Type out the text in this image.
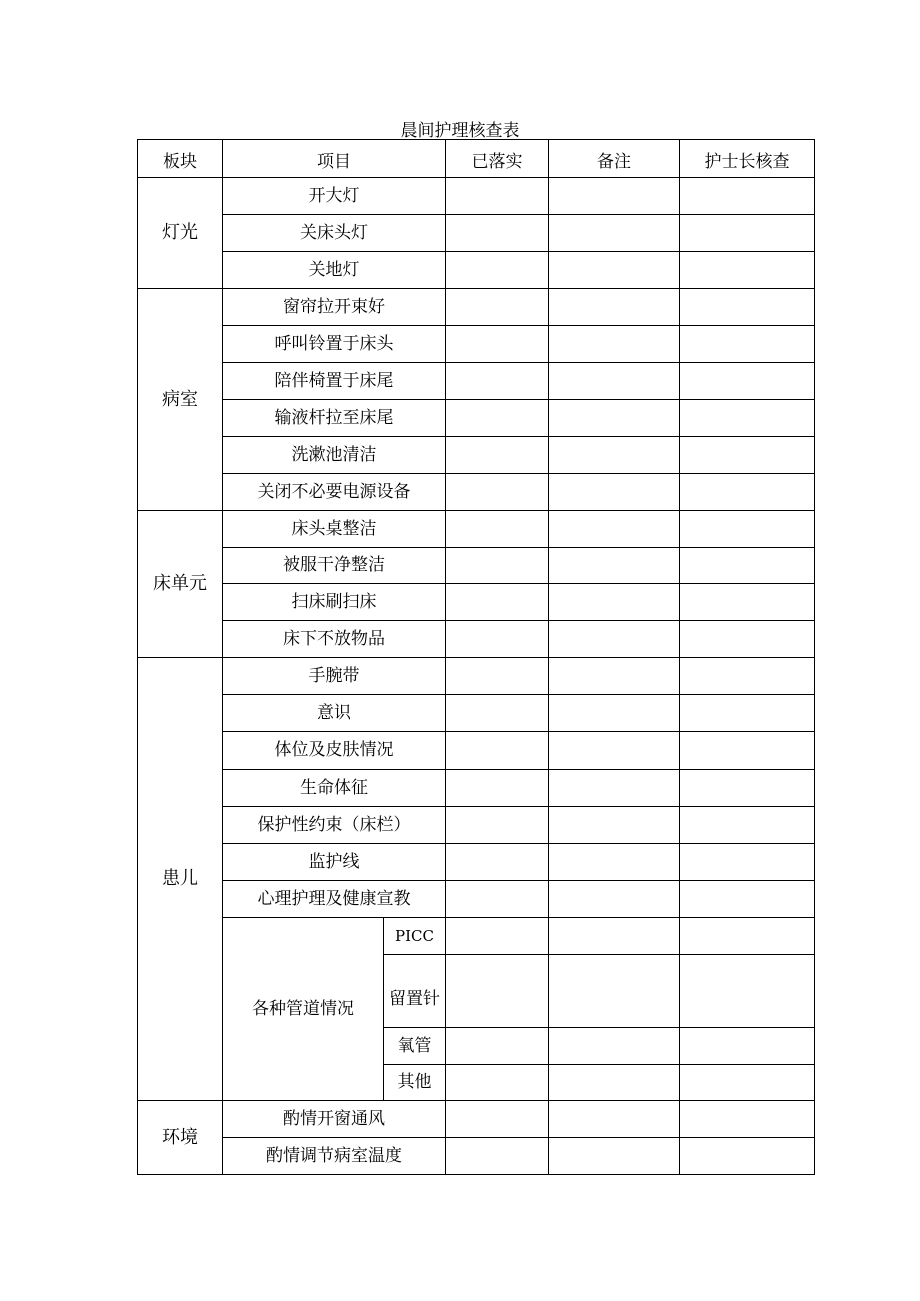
晨间护理核查表
板块	项目		已落实	备注	护士长核查
灯光	开大灯				
	关床头灯				
	关地灯				
病室	窗帘拉开束好				
	呼叫铃置于床头				
	陪伴椅置于床尾				
	输液杆拉至床尾				
	洗漱池清洁				
	关闭不必要电源设备				
床单元	床头桌整洁				
	被服干净整洁				
	扫床刷扫床				
	床下不放物品				
患儿	手腕带				
	意识				
	体位及皮肤情况				
	生命体征				
	保护性约束（床栏）				
	监护线				
	心理护理及健康宣教				
	各种管道情况	PICC			
		留置针			
		氧管			
		其他			
环境	酌情开窗通风				
	酌情调节病室温度				
